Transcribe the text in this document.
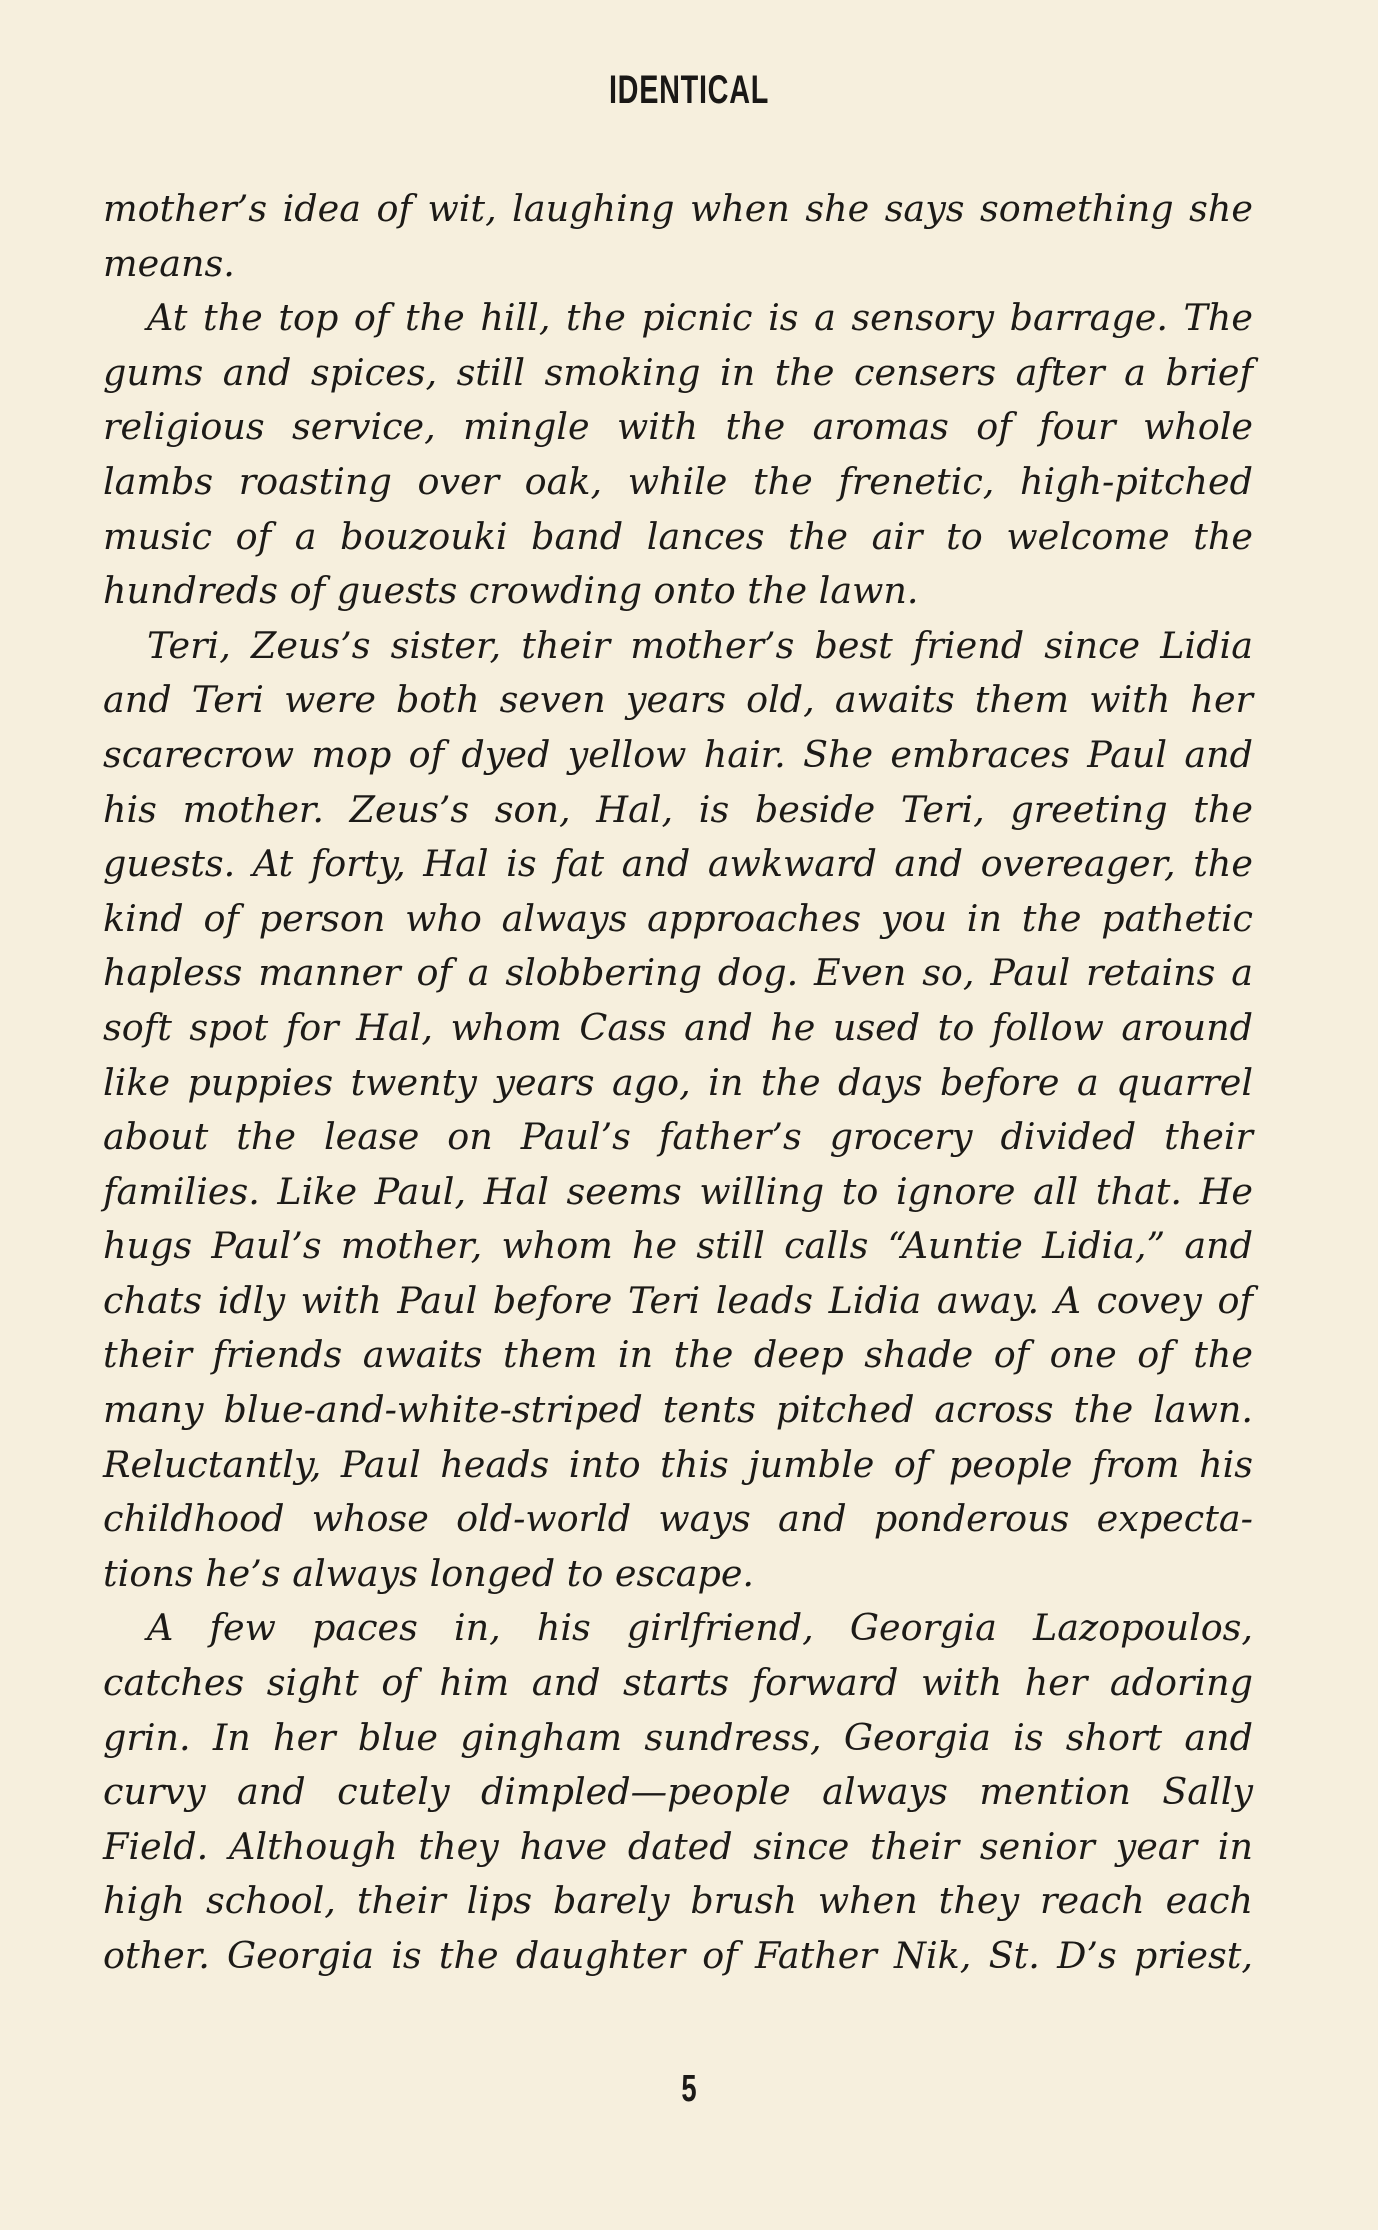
IDENTICAL
mother’s idea of wit, laughing when she says something she
means.
At the top of the hill, the picnic is a sensory barrage. The
gums and spices, still smoking in the censers after a brief
religious service, mingle with the aromas of four whole
lambs roasting over oak, while the frenetic, high-pitched
music of a bouzouki band lances the air to welcome the
hundreds of guests crowding onto the lawn.
Teri, Zeus’s sister, their mother’s best friend since Lidia
and Teri were both seven years old, awaits them with her
scarecrow mop of dyed yellow hair. She embraces Paul and
his mother. Zeus’s son, Hal, is beside Teri, greeting the
guests. At forty, Hal is fat and awkward and overeager, the
kind of person who always approaches you in the pathetic
hapless manner of a slobbering dog. Even so, Paul retains a
soft spot for Hal, whom Cass and he used to follow around
like puppies twenty years ago, in the days before a quarrel
about the lease on Paul’s father’s grocery divided their
families. Like Paul, Hal seems willing to ignore all that. He
hugs Paul’s mother, whom he still calls “Auntie Lidia,” and
chats idly with Paul before Teri leads Lidia away. A covey of
their friends awaits them in the deep shade of one of the
many blue-and-white-striped tents pitched across the lawn.
Reluctantly, Paul heads into this jumble of people from his
childhood whose old-world ways and ponderous expecta-
tions he’s always longed to escape.
A few paces in, his girlfriend, Georgia Lazopoulos,
catches sight of him and starts forward with her adoring
grin. In her blue gingham sundress, Georgia is short and
curvy and cutely dimpled—people always mention Sally
Field. Although they have dated since their senior year in
high school, their lips barely brush when they reach each
other. Georgia is the daughter of Father Nik, St. D’s priest,
5
